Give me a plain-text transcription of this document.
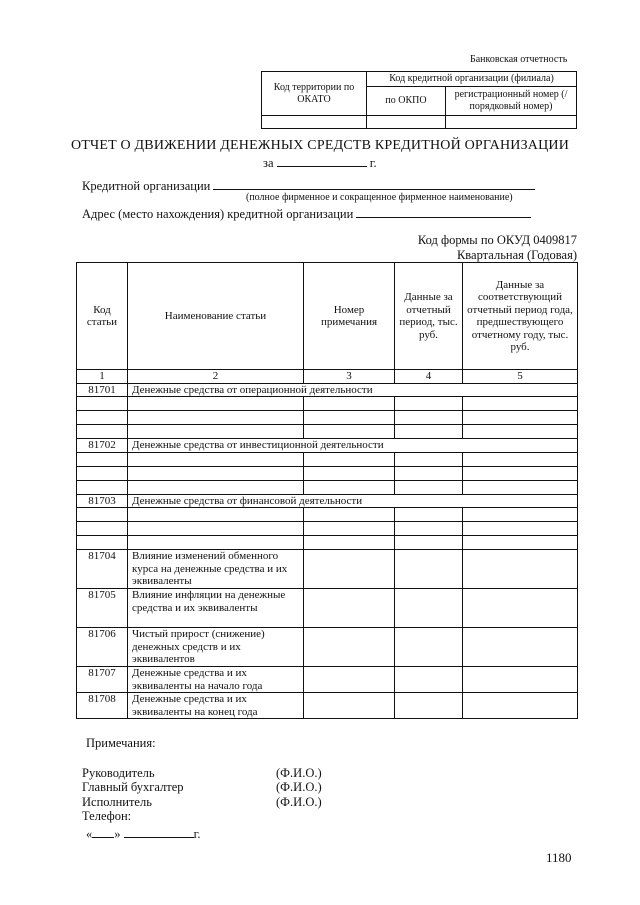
Банковская отчетность
Код территории по ОКАТО	Код кредитной организации (филиала)	
	по ОКПО	регистрационный номер (/порядковый номер)

ОТЧЕТ О ДВИЖЕНИИ ДЕНЕЖНЫХ СРЕДСТВ КРЕДИТНОЙ ОРГАНИЗАЦИИ
за	г.
Кредитной организации
(полное фирменное и сокращенное фирменное наименование)
Адрес (место нахождения) кредитной организации
Код формы по ОКУД 0409817
Квартальная (Годовая)
Код статьи	Наименование статьи	Номер примечания	Данные за отчетный период, тыс. руб.	Данные за соответствующий отчетный период года, предшествующего отчетному году, тыс. руб.
1	2	3	4	5
81701	Денежные средства от операционной деятельности			

81702	Денежные средства от инвестиционной деятельности			

81703	Денежные средства от финансовой деятельности			

81704	Влияние изменений обменного курса на денежные средства и их эквиваленты			
81705	Влияние инфляции на денежные средства и их эквиваленты			
81706	Чистый прирост (снижение) денежных средств и их эквивалентов			
81707	Денежные средства и их эквиваленты на начало года			
81708	Денежные средства и их эквиваленты на конец года			
Примечания:
Руководитель	(Ф.И.О.)
Главный бухгалтер	(Ф.И.О.)
Исполнитель	(Ф.И.О.)
Телефон:
« »	г.
1180
